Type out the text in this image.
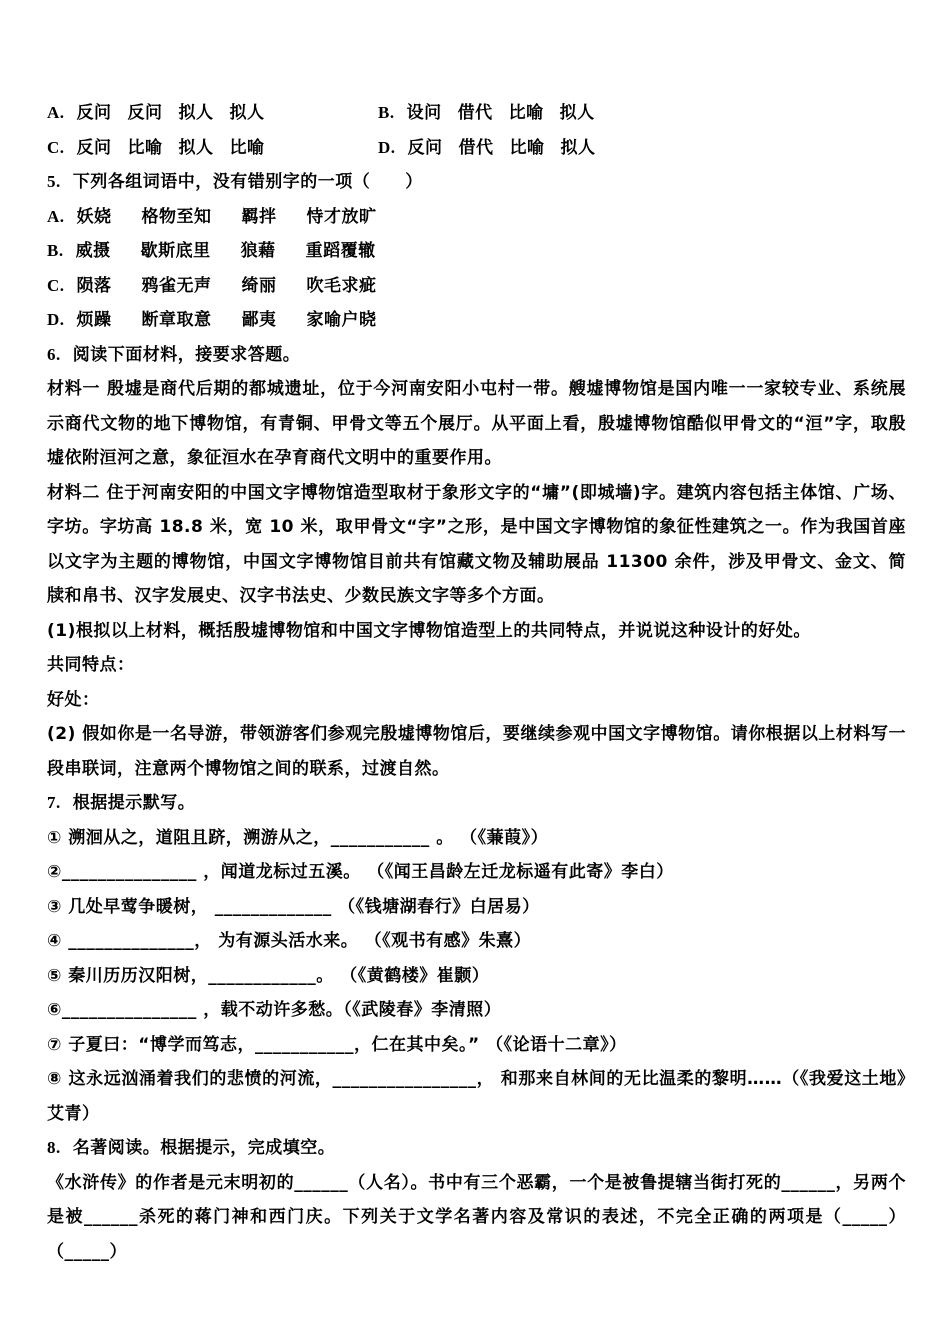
A. 反问 反问 拟人 拟人	B. 设问 借代 比喻 拟人
C. 反问 比喻 拟人 比喻	D. 反问 借代 比喻 拟人
5. 下列各组词语中，没有错别字的一项（　　）
A. 妖娆 格物至知 羁拌 恃才放旷
B. 威摄 歇斯底里 狼藉 重蹈覆辙
C. 陨落 鸦雀无声 绮丽 吹毛求疵
D. 烦躁 断章取意 鄙夷 家喻户晓
6. 阅读下面材料，接要求答题。

材料一 殷墟是商代后期的都城遗址，位于今河南安阳小屯村一带。艘墟博物馆是国内唯一一家较专业、系统展示商代文物的地下博物馆，有青铜、甲骨文等五个展厅。从平面上看，殷墟博物馆酷似甲骨文的“洹”字，取殷墟依附洹河之意，象征洹水在孕育商代文明中的重要作用。

材料二 住于河南安阳的中国文字博物馆造型取材于象形文字的“墉”(即城墙)字。建筑内容包括主体馆、广场、字坊。字坊高 18.8 米，宽 10 米，取甲骨文“字”之形，是中国文字博物馆的象征性建筑之一。作为我国首座以文字为主题的博物馆，中国文字博物馆目前共有馆藏文物及辅助展品 11300 余件，涉及甲骨文、金文、简牍和帛书、汉字发展史、汉字书法史、少数民族文字等多个方面。

(1)根拟以上材料，概括殷墟博物馆和中国文字博物馆造型上的共同特点，并说说这种设计的好处。
共同特点：
好处：

(2) 假如你是一名导游，带领游客们参观完殷墟博物馆后，要继续参观中国文字博物馆。请你根据以上材料写一段串联词，注意两个博物馆之间的联系，过渡自然。

7. 根据提示默写。
① 溯洄从之，道阻且跻，溯游从之，___________ 。 （《蒹葭》）
②_______________ ，闻道龙标过五溪。 （《闻王昌龄左迁龙标遥有此寄》李白）
③ 几处早莺争暖树， _____________ （《钱塘湖春行》白居易）
④ ______________， 为有源头活水来。 （《观书有感》朱熹）
⑤ 秦川历历汉阳树，____________。 （《黄鹤楼》崔颢）
⑥_______________ ，载不动许多愁。（《武陵春》李清照）
⑦ 子夏曰：“博学而笃志，___________，仁在其中矣。” （《论语十二章》）

⑧ 这永远汹涌着我们的悲愤的河流，________________， 和那来自林间的无比温柔的黎明……（《我爱这土地》艾青）

8. 名著阅读。根据提示，完成填空。

《水浒传》的作者是元末明初的______（人名）。书中有三个恶霸，一个是被鲁提辖当街打死的______，另两个是被______杀死的蒋门神和西门庆。下列关于文学名著内容及常识的表述，不完全正确的两项是（_____）（_____）
